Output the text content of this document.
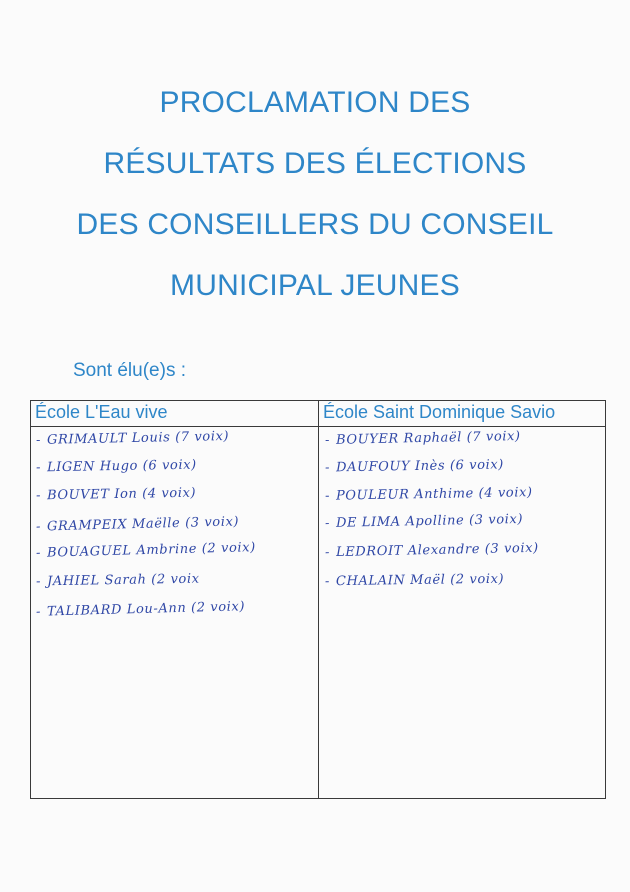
PROCLAMATION DES
RÉSULTATS DES ÉLECTIONS
DES CONSEILLERS DU CONSEIL
MUNICIPAL JEUNES
Sont élu(e)s :
École L'Eau vive	École Saint Dominique Savio
- GRIMAULT Louis (7 voix)
- LIGEN Hugo (6 voix)
- BOUVET Ion (4 voix)
- GRAMPEIX Maëlle (3 voix)
- BOUAGUEL Ambrine (2 voix)
- JAHIEL Sarah (2 voix
- TALIBARD Lou-Ann (2 voix)
- BOUYER Raphaël (7 voix)
- DAUFOUY Inès (6 voix)
- POULEUR Anthime (4 voix)
- DE LIMA Apolline (3 voix)
- LEDROIT Alexandre (3 voix)
- CHALAIN Maël (2 voix)
